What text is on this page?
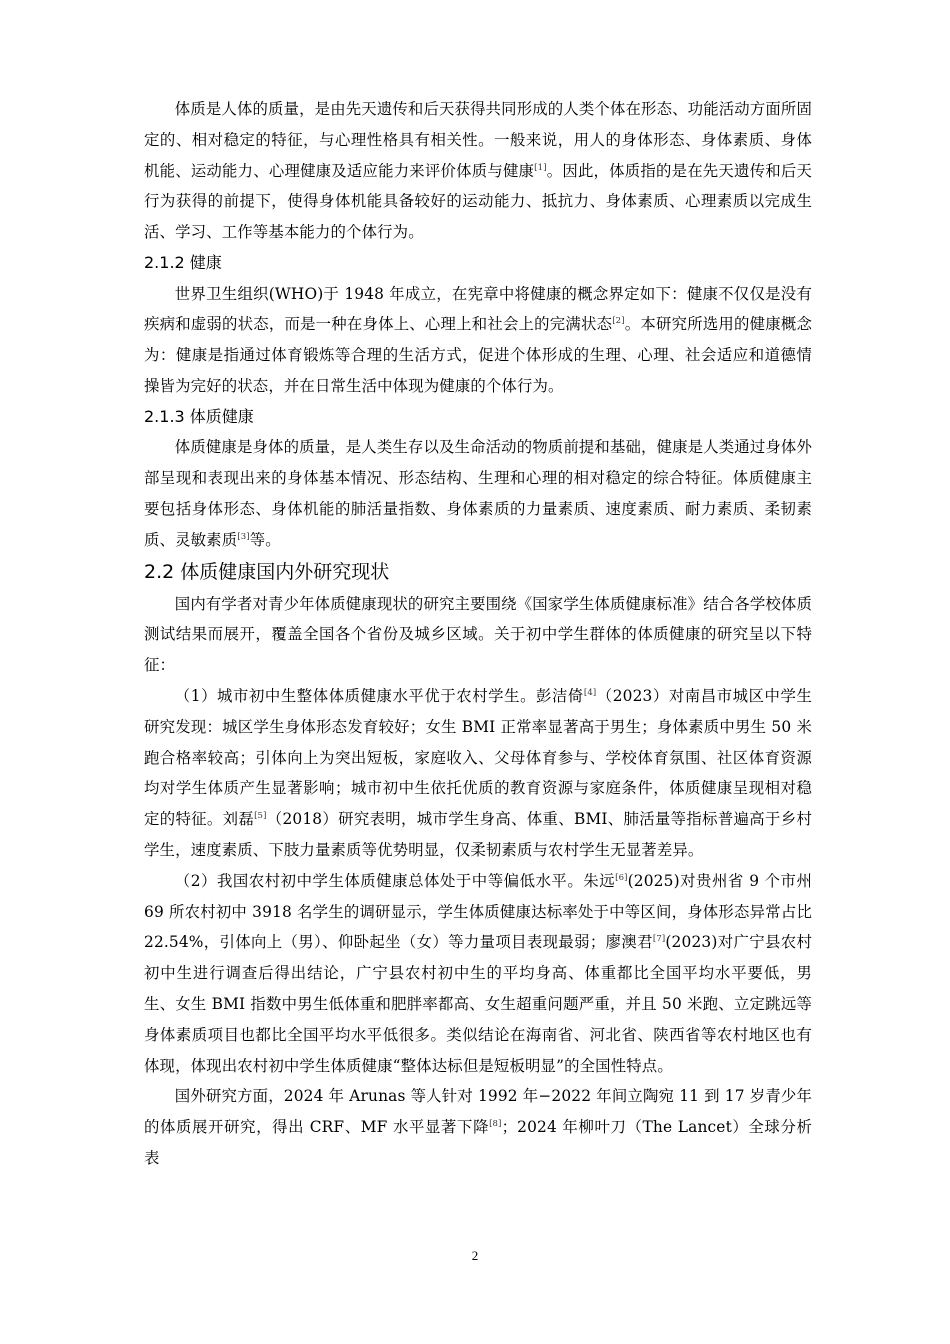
体质是人体的质量，是由先天遗传和后天获得共同形成的人类个体在形态、功能活动方面所固定的、相对稳定的特征，与心理性格具有相关性。一般来说，用人的身体形态、身体素质、身体机能、运动能力、心理健康及适应能力来评价体质与健康[1]。因此，体质指的是在先天遗传和后天行为获得的前提下，使得身体机能具备较好的运动能力、抵抗力、身体素质、心理素质以完成生活、学习、工作等基本能力的个体行为。

2.1.2 健康

世界卫生组织(WHO)于 1948 年成立，在宪章中将健康的概念界定如下：健康不仅仅是没有疾病和虚弱的状态，而是一种在身体上、心理上和社会上的完满状态[2]。本研究所选用的健康概念为：健康是指通过体育锻炼等合理的生活方式，促进个体形成的生理、心理、社会适应和道德情操皆为完好的状态，并在日常生活中体现为健康的个体行为。

2.1.3 体质健康

体质健康是身体的质量，是人类生存以及生命活动的物质前提和基础，健康是人类通过身体外部呈现和表现出来的身体基本情况、形态结构、生理和心理的相对稳定的综合特征。体质健康主要包括身体形态、身体机能的肺活量指数、身体素质的力量素质、速度素质、耐力素质、柔韧素质、灵敏素质[3]等。

2.2 体质健康国内外研究现状

国内有学者对青少年体质健康现状的研究主要围绕《国家学生体质健康标准》结合各学校体质测试结果而展开，覆盖全国各个省份及城乡区域。关于初中学生群体的体质健康的研究呈以下特征：

（1）城市初中生整体体质健康水平优于农村学生。彭洁倚[4]（2023）对南昌市城区中学生研究发现：城区学生身体形态发育较好；女生 BMI 正常率显著高于男生；身体素质中男生 50 米跑合格率较高；引体向上为突出短板，家庭收入、父母体育参与、学校体育氛围、社区体育资源均对学生体质产生显著影响；城市初中生依托优质的教育资源与家庭条件，体质健康呈现相对稳定的特征。刘磊[5]（2018）研究表明，城市学生身高、体重、BMI、肺活量等指标普遍高于乡村学生，速度素质、下肢力量素质等优势明显，仅柔韧素质与农村学生无显著差异。

（2）我国农村初中学生体质健康总体处于中等偏低水平。朱远[6](2025)对贵州省 9 个市州 69 所农村初中 3918 名学生的调研显示，学生体质健康达标率处于中等区间，身体形态异常占比 22.54%，引体向上（男）、仰卧起坐（女）等力量项目表现最弱；廖澳君[7](2023)对广宁县农村初中生进行调查后得出结论，广宁县农村初中生的平均身高、体重都比全国平均水平要低，男生、女生 BMI 指数中男生低体重和肥胖率都高、女生超重问题严重，并且 50 米跑、立定跳远等身体素质项目也都比全国平均水平低很多。类似结论在海南省、河北省、陕西省等农村地区也有体现，体现出农村初中学生体质健康“整体达标但是短板明显”的全国性特点。

国外研究方面，2024 年 Arunas 等人针对 1992 年−2022 年间立陶宛 11 到 17 岁青少年的体质展开研究，得出 CRF、MF 水平显著下降[8]；2024 年柳叶刀（The Lancet）全球分析表

2
